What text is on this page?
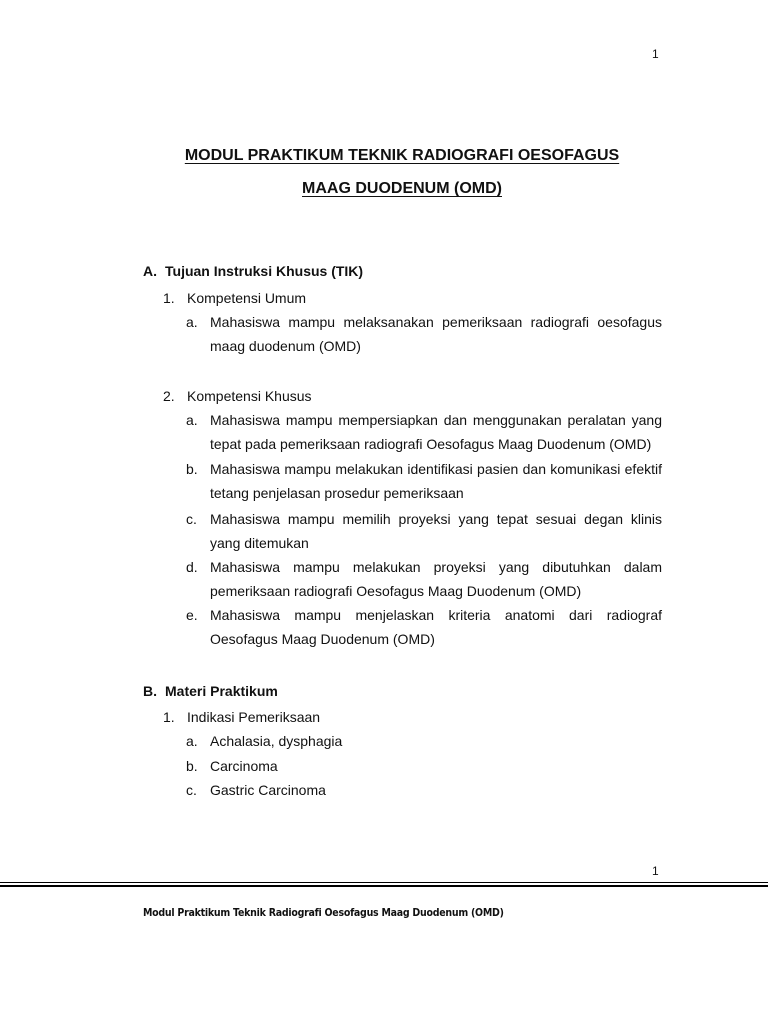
1
MODUL PRAKTIKUM TEKNIK RADIOGRAFI OESOFAGUS
MAAG DUODENUM (OMD)
A. Tujuan Instruksi Khusus (TIK)
1. Kompetensi Umum
a. Mahasiswa mampu melaksanakan pemeriksaan radiografi oesofagus maag duodenum (OMD)
2. Kompetensi Khusus
a. Mahasiswa mampu mempersiapkan dan menggunakan peralatan yang tepat pada pemeriksaan radiografi Oesofagus Maag Duodenum (OMD)
b. Mahasiswa mampu melakukan identifikasi pasien dan komunikasi efektif tetang penjelasan prosedur pemeriksaan
c. Mahasiswa mampu memilih proyeksi yang tepat sesuai degan klinis yang ditemukan
d. Mahasiswa mampu melakukan proyeksi yang dibutuhkan dalam pemeriksaan radiografi Oesofagus Maag Duodenum (OMD)
e. Mahasiswa mampu menjelaskan kriteria anatomi dari radiograf Oesofagus Maag Duodenum (OMD)
B. Materi Praktikum
1. Indikasi Pemeriksaan
a. Achalasia, dysphagia
b. Carcinoma
c. Gastric Carcinoma
1
Modul Praktikum Teknik Radiografi Oesofagus Maag Duodenum (OMD)
